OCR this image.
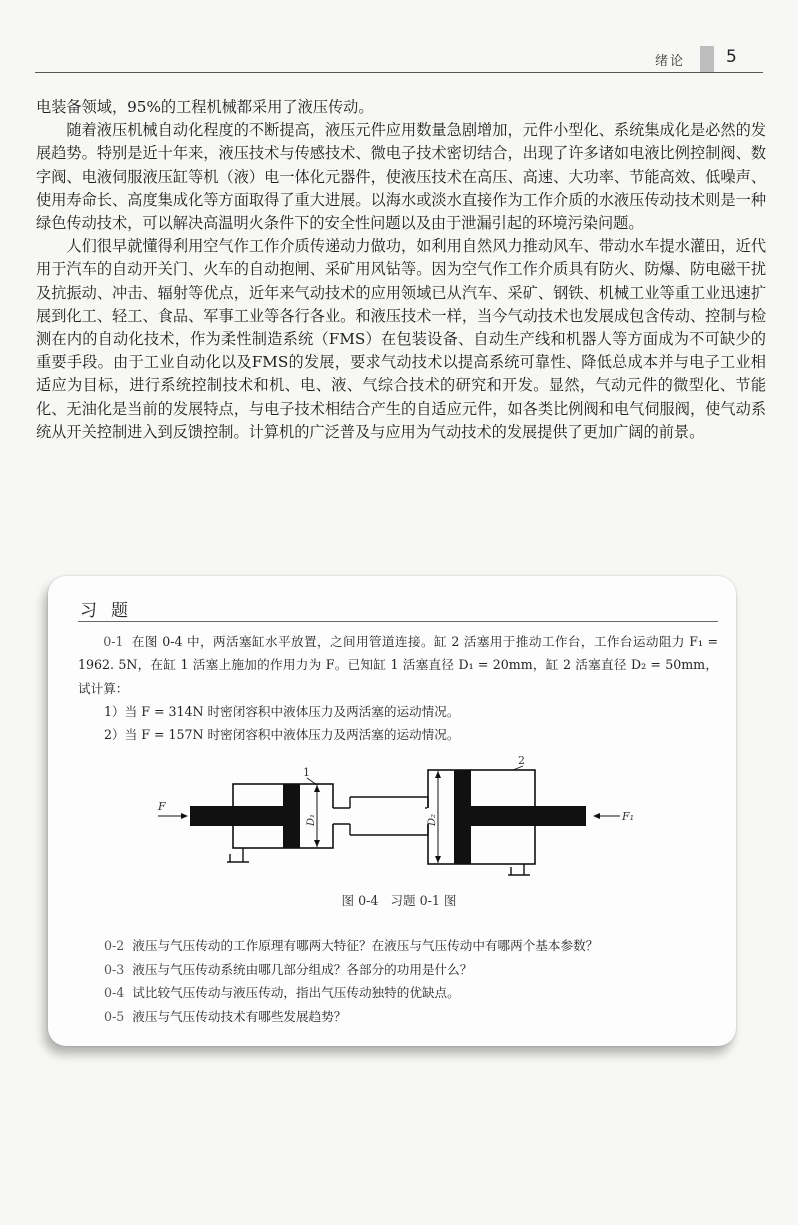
绪论 5

电装备领域，95%的工程机械都采用了液压传动。

随着液压机械自动化程度的不断提高，液压元件应用数量急剧增加，元件小型化、系统集成化是必然的发展趋势。特别是近十年来，液压技术与传感技术、微电子技术密切结合，出现了许多诸如电液比例控制阀、数字阀、电液伺服液压缸等机（液）电一体化元器件，使液压技术在高压、高速、大功率、节能高效、低噪声、使用寿命长、高度集成化等方面取得了重大进展。以海水或淡水直接作为工作介质的水液压传动技术则是一种绿色传动技术，可以解决高温明火条件下的安全性问题以及由于泄漏引起的环境污染问题。

人们很早就懂得利用空气作工作介质传递动力做功，如利用自然风力推动风车、带动水车提水灌田，近代用于汽车的自动开关门、火车的自动抱闸、采矿用风钻等。因为空气作工作介质具有防火、防爆、防电磁干扰及抗振动、冲击、辐射等优点，近年来气动技术的应用领域已从汽车、采矿、钢铁、机械工业等重工业迅速扩展到化工、轻工、食品、军事工业等各行各业。和液压技术一样，当今气动技术也发展成包含传动、控制与检测在内的自动化技术，作为柔性制造系统（FMS）在包装设备、自动生产线和机器人等方面成为不可缺少的重要手段。由于工业自动化以及FMS的发展，要求气动技术以提高系统可靠性、降低总成本并与电子工业相适应为目标，进行系统控制技术和机、电、液、气综合技术的研究和开发。显然，气动元件的微型化、节能化、无油化是当前的发展特点，与电子技术相结合产生的自适应元件，如各类比例阀和电气伺服阀，使气动系统从开关控制进入到反馈控制。计算机的广泛普及与应用为气动技术的发展提供了更加广阔的前景。

习题

0-1 在图 0-4 中，两活塞缸水平放置，之间用管道连接。缸 2 活塞用于推动工作台，工作台运动阻力 F₁ = 1962. 5N，在缸 1 活塞上施加的作用力为 F。已知缸 1 活塞直径 D₁ = 20mm，缸 2 活塞直径 D₂ = 50mm，试计算：

1）当 F = 314N 时密闭容积中液体压力及两活塞的运动情况。

2）当 F = 157N 时密闭容积中液体压力及两活塞的运动情况。

D₁
1
D₂
2
F
F₁
图 0-4 习题 0-1 图
0-2 液压与气压传动的工作原理有哪两大特征？在液压与气压传动中有哪两个基本参数？
0-3 液压与气压传动系统由哪几部分组成？各部分的功用是什么？
0-4 试比较气压传动与液压传动，指出气压传动独特的优缺点。
0-5 液压与气压传动技术有哪些发展趋势？
